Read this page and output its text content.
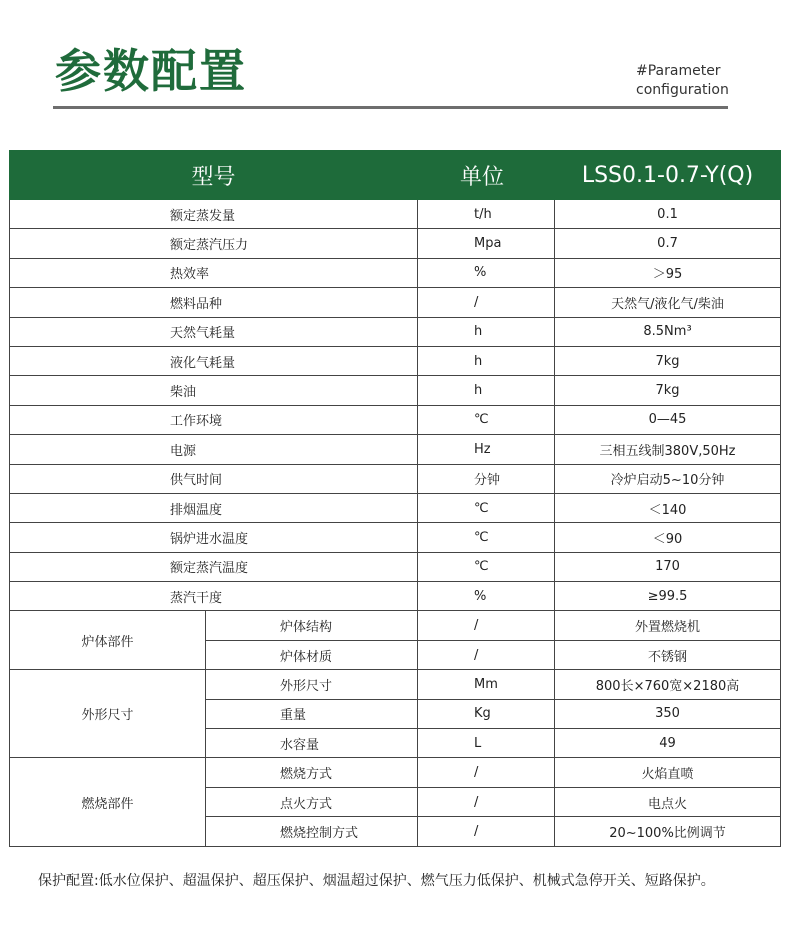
参数配置	#Parameter
configuration
型号		单位	LSS0.1-0.7-Y(Q)
额定蒸发量		t/h	0.1
额定蒸汽压力		Mpa	0.7
热效率		%	＞95
燃料品种		/	天然气/液化气/柴油
天然气耗量		h	8.5Nm³
液化气耗量		h	7kg
柴油		h	7kg
工作环境		℃	0—45
电源		Hz	三相五线制380V,50Hz
供气时间		分钟	冷炉启动5~10分钟
排烟温度		℃	＜140
锅炉进水温度		℃	＜90
额定蒸汽温度		℃	170
蒸汽干度		%	≥99.5
炉体部件	炉体结构	/	外置燃烧机
	炉体材质	/	不锈钢
外形尺寸	外形尺寸	Mm	800长×760宽×2180高
	重量	Kg	350
	水容量	L	49
燃烧部件	燃烧方式	/	火焰直喷
	点火方式	/	电点火
	燃烧控制方式	/	20~100%比例调节
保护配置:低水位保护、超温保护、超压保护、烟温超过保护、燃气压力低保护、机械式急停开关、短路保护。
